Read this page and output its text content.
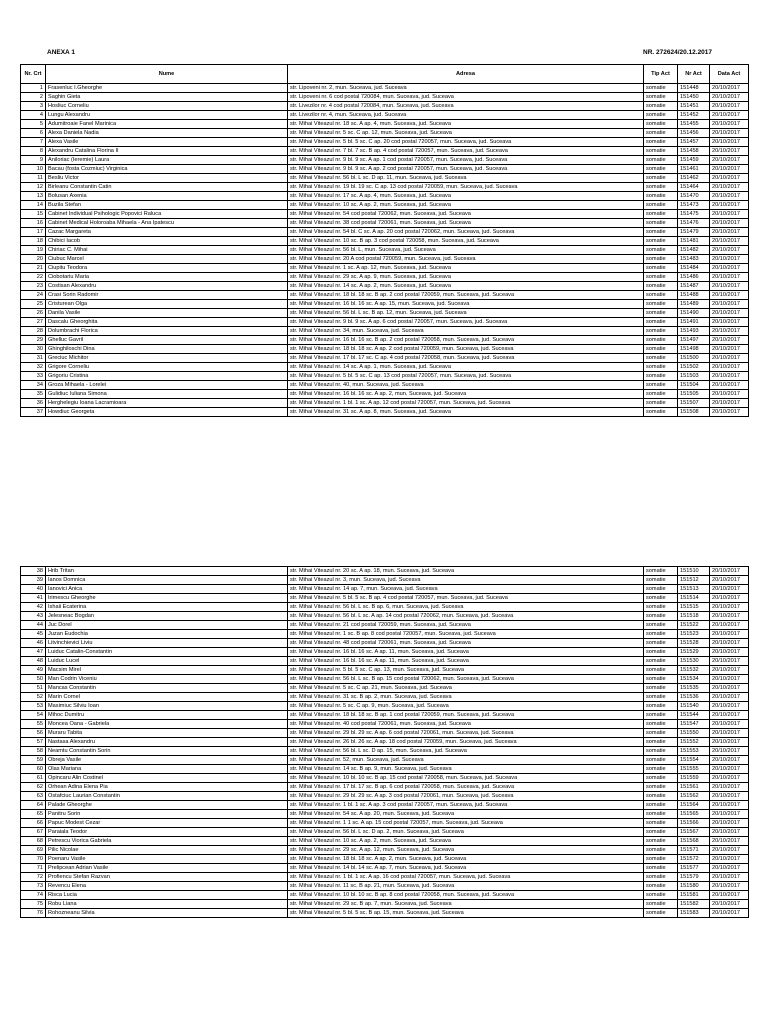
ANEXA 1	NR. 272624/20.12.2017
Nr. Crt	Nume	Adresa	Tip Act	Nr Act	Data Act
1	Frasenluc I.Gheorghe	str. Lipoveni nr. 2, mun. Suceava, jud. Suceava	somatie	151448	20/10/2017
2	Saghin Gieta	str. Lipoveni nr. 6 cod postal 720084, mun. Suceava, jud. Suceava	somatie	151450	20/10/2017
3	Hosliuc Corneliu	str. Livezilor nr. 4 cod postal 720084, mun. Suceava, jud. Suceava	somatie	151451	20/10/2017
4	Lungu Alexandru	str. Livezilor nr. 4, mun. Suceava, jud. Suceava	somatie	151452	20/10/2017
5	Adumitroaie Fanel Marinica	str. Mihai Viteazul nr. 18 sc. A ap. 4, mun. Suceava, jud. Suceava	somatie	151455	20/10/2017
6	Alexa Daniela Nadia	str. Mihai Viteazul nr. 5 sc. C ap. 12, mun. Suceava, jud. Suceava	somatie	151456	20/10/2017
7	Alexa Vasile	str. Mihai Viteazul nr. 5 bl. 5 sc. C ap. 20 cod postal 720057, mun. Suceava, jud. Suceava	somatie	151457	20/10/2017
8	Alexandru Catalina Florina II	str. Mihai Viteazul nr. 7 bl. 7 sc. B ap. 4 cod postal 720057, mun. Suceava, jud. Suceava	somatie	151458	20/10/2017
9	Aniloriac (Ieremie) Laura	str. Mihai Viteazul nr. 9 bl. 9 sc. A ap. 1 cod postal 720057, mun. Suceava, jud. Suceava	somatie	151459	20/10/2017
10	Bacau (fosta Cozmiuc) Virginica	str. Mihai Viteazul nr. 9 bl. 9 sc. A ap. 2 cod postal 720057, mun. Suceava, jud. Suceava	somatie	151461	20/10/2017
11	Besliu Victor	str. Mihai Viteazul nr. 56 bl. L sc. D ap. 11, mun. Suceava, jud. Suceava	somatie	151462	20/10/2017
12	Birleanu Constantin Catin	str. Mihai Viteazul nr. 19 bl. 19 sc. C ap. 13 cod postal 720059, mun. Suceava, jud. Suceava	somatie	151464	20/10/2017
13	Bolusan Axenia	str. Mihai Viteazul nr. 17 sc. A ap. 4, mun. Suceava, jud. Suceava	somatie	151470	20/10/2017
14	Buzila Stefan	str. Mihai Viteazul nr. 10 sc. A ap. 2, mun. Suceava, jud. Suceava	somatie	151473	20/10/2017
15	Cabinet Individual Psihologic Popovici Raluca	str. Mihai Viteazul nr. 54 cod postal 720062, mun. Suceava, jud. Suceava	somatie	151475	20/10/2017
16	Cabinet Medical Holoroaba Mihaela - Ana Ipatescu	str. Mihai Viteazul nr. 38 cod postal 720061, mun. Suceava, jud. Suceava	somatie	151476	20/10/2017
17	Cazac Margareta	str. Mihai Viteazul nr. 54 bl. C sc. A ap. 20 cod postal 720062, mun. Suceava, jud. Suceava	somatie	151479	20/10/2017
18	Chibici Iacob	str. Mihai Viteazul nr. 10 sc. B ap. 3 cod postal 720058, mun. Suceava, jud. Suceava	somatie	151481	20/10/2017
19	Chiriac C. Mihai	str. Mihai Viteazul nr. 56 bl. L, mun. Suceava, jud. Suceava	somatie	151482	20/10/2017
20	Ciubuc Marcel	str. Mihai Viteazul nr. 20 A cod postal 720059, mun. Suceava, jud. Suceava	somatie	151483	20/10/2017
21	Ciupitu Teodora	str. Mihai Viteazul nr. 1 sc. A ap. 12, mun. Suceava, jud. Suceava	somatie	151484	20/10/2017
22	Ciobotariu Maria	str. Mihai Viteazul nr. 29 sc. A ap. 9, mun. Suceava, jud. Suceava	somatie	151486	20/10/2017
23	Costisan Alexandru	str. Mihai Viteazul nr. 14 sc. A ap. 2, mun. Suceava, jud. Suceava	somatie	151487	20/10/2017
24	Crasi Sorin Radomir	str. Mihai Viteazul nr. 18 bl. 18 sc. B ap. 2 cod postal 720059, mun. Suceava, jud. Suceava	somatie	151488	20/10/2017
25	Cristurean Olga	str. Mihai Viteazul nr. 16 bl. 16 sc. A ap. 15, mun. Suceava, jud. Suceava	somatie	151489	20/10/2017
26	Danila Vasile	str. Mihai Viteazul nr. 56 bl. L sc. B ap. 12, mun. Suceava, jud. Suceava	somatie	151490	20/10/2017
27	Dascalu Gheorghita	str. Mihai Viteazul nr. 9 bl. 9 sc. A ap. 6 cod postal 720057, mun. Suceava, jud. Suceava	somatie	151491	20/10/2017
28	Dolumbrachi Florica	str. Mihai Viteazul nr. 34, mun. Suceava, jud. Suceava	somatie	151493	20/10/2017
29	Ghelluc Gavril	str. Mihai Viteazul nr. 16 bl. 16 sc. B ap. 2 cod postal 720058, mun. Suceava, jud. Suceava	somatie	151497	20/10/2017
30	Ghinghiloschi Dina	str. Mihai Viteazul nr. 18 bl. 18 sc. A ap. 2 cod postal 720059, mun. Suceava, jud. Suceava	somatie	151498	20/10/2017
31	Greciuc Michitor	str. Mihai Viteazul nr. 17 bl. 17 sc. C ap. 4 cod postal 720058, mun. Suceava, jud. Suceava	somatie	151500	20/10/2017
32	Grigore Corneliu	str. Mihai Viteazul nr. 14 sc. A ap. 1, mun. Suceava, jud. Suceava	somatie	151502	20/10/2017
33	Grigoriu Cristina	str. Mihai Viteazul nr. 5 bl. 5 sc. C ap. 13 cod postal 720057, mun. Suceava, jud. Suceava	somatie	151503	20/10/2017
34	Groza Mihaela - Lorelei	str. Mihai Viteazul nr. 40, mun. Suceava, jud. Suceava	somatie	151504	20/10/2017
35	Gulidiuc Iuliana Simona	str. Mihai Viteazul nr. 16 bl. 16 sc. A ap. 2, mun. Suceava, jud. Suceava	somatie	151505	20/10/2017
36	Herghelegiu Ioana Lacramioara	str. Mihai Viteazul nr. 1 bl. 1 sc. A ap. 12 cod postal 720057, mun. Suceava, jud. Suceava	somatie	151507	20/10/2017
37	Howdiuc Georgeta	str. Mihai Viteazul nr. 31 sc. A ap. 8, mun. Suceava, jud. Suceava	somatie	151508	20/10/2017
38	Hrib Tritan	str. Mihai Viteazul nr. 20 sc. A ap. 18, mun. Suceava, jud. Suceava	somatie	151510	20/10/2017
39	Ianos Domnica	str. Mihai Viteazul nr. 3, mun. Suceava, jud. Suceava	somatie	151512	20/10/2017
40	Ianovici Anica	str. Mihai Viteazul nr. 14 ap. 7, mun. Suceava, jud. Suceava	somatie	151513	20/10/2017
41	Irimescu Gheorghe	str. Mihai Viteazul nr. 5 bl. 5 sc. B ap. 4 cod postal 720057, mun. Suceava, jud. Suceava	somatie	151514	20/10/2017
42	Ishaii Ecaterina	str. Mihai Viteazul nr. 56 bl. L sc. B ap. 6, mun. Suceava, jud. Suceava	somatie	151515	20/10/2017
43	Jelesneac Bogdan	str. Mihai Viteazul nr. 56 bl. L sc. A ap. 14 cod postal 720062, mun. Suceava, jud. Suceava	somatie	151518	20/10/2017
44	Juc Dorel	str. Mihai Viteazul nr. 21 cod postal 720059, mun. Suceava, jud. Suceava	somatie	151522	20/10/2017
45	Juzan Eudochia	str. Mihai Viteazul nr. 1 sc. B ap. 8 cod postal 720057, mun. Suceava, jud. Suceava	somatie	151523	20/10/2017
46	Litvinchievici Liviu	str. Mihai Viteazul nr. 48 cod postal 720061, mun. Suceava, jud. Suceava	somatie	151528	20/10/2017
47	Luiduc Catalin-Constantin	str. Mihai Viteazul nr. 16 bl. 16 sc. A ap. 11, mun. Suceava, jud. Suceava	somatie	151529	20/10/2017
48	Luiduc Lucel	str. Mihai Viteazul nr. 16 bl. 16 sc. A ap. 11, mun. Suceava, jud. Suceava	somatie	151530	20/10/2017
49	Macsim Mirel	str. Mihai Viteazul nr. 5 bl. 5 sc. C ap. 13, mun. Suceava, jud. Suceava	somatie	151532	20/10/2017
50	Man Codrin Viceniu	str. Mihai Viteazul nr. 56 bl. L sc. B ap. 15 cod postal 720062, mun. Suceava, jud. Suceava	somatie	151534	20/10/2017
51	Mancas Constantin	str. Mihai Viteazul nr. 5 sc. C ap. 21, mun. Suceava, jud. Suceava	somatie	151535	20/10/2017
52	Marin Cornel	str. Mihai Viteazul nr. 31 sc. B ap. 2, mun. Suceava, jud. Suceava	somatie	151536	20/10/2017
53	Masimiuc Silviu Ioan	str. Mihai Viteazul nr. 5 sc. C ap. 9, mun. Suceava, jud. Suceava	somatie	151540	20/10/2017
54	Mihoc Dumitru	str. Mihai Viteazul nr. 18 bl. 18 sc. B ap. 1 cod postal 720059, mun. Suceava, jud. Suceava	somatie	151544	20/10/2017
55	Moncea Oana - Gabriela	str. Mihai Viteazul nr. 40 cod postal 720061, mun. Suceava, jud. Suceava	somatie	151547	20/10/2017
56	Muraru Tabita	str. Mihai Viteazul nr. 29 bl. 29 sc. A ap. 6 cod postal 720061, mun. Suceava, jud. Suceava	somatie	151550	20/10/2017
57	Nastasa Alexandru	str. Mihai Viteazul nr. 26 bl. 26 sc. A ap. 18 cod postal 720059, mun. Suceava, jud. Suceava	somatie	151552	20/10/2017
58	Neamtu Constantin Sorin	str. Mihai Viteazul nr. 56 bl. L sc. D ap. 15, mun. Suceava, jud. Suceava	somatie	151553	20/10/2017
59	Obreja Vasile	str. Mihai Viteazul nr. 52, mun. Suceava, jud. Suceava	somatie	151554	20/10/2017
60	Olas Mariana	str. Mihai Viteazul nr. 14 sc. B ap. 9, mun. Suceava, jud. Suceava	somatie	151555	20/10/2017
61	Opincaru Alin Costinel	str. Mihai Viteazul nr. 10 bl. 10 sc. B ap. 15 cod postal 720058, mun. Suceava, jud. Suceava	somatie	151559	20/10/2017
62	Orhean Adina Elena Pia	str. Mihai Viteazul nr. 17 bl. 17 sc. B ap. 6 cod postal 720058, mun. Suceava, jud. Suceava	somatie	151561	20/10/2017
63	Ostafciuc Laurian Constantin	str. Mihai Viteazul nr. 29 bl. 29 sc. A ap. 3 cod postal 720061, mun. Suceava, jud. Suceava	somatie	151562	20/10/2017
64	Palade Gheorghe	str. Mihai Viteazul nr. 1 bl. 1 sc. A ap. 3 cod postal 720057, mun. Suceava, jud. Suceava	somatie	151564	20/10/2017
65	Panitru Sorin	str. Mihai Viteazul nr. 54 sc. A ap. 20, mun. Suceava, jud. Suceava	somatie	151565	20/10/2017
66	Papuc Modest Cezar	str. Mihai Viteazul nr. 1 1 sc. A ap. 15 cod postal 720057, mun. Suceava, jud. Suceava	somatie	151566	20/10/2017
67	Paraiala Teodor	str. Mihai Viteazul nr. 56 bl. L sc. D ap. 2, mun. Suceava, jud. Suceava	somatie	151567	20/10/2017
68	Petrescu Viorica Gabriela	str. Mihai Viteazul nr. 10 sc. A ap. 2, mun. Suceava, jud. Suceava	somatie	151568	20/10/2017
69	Pilic Nicolae	str. Mihai Viteazul nr. 29 sc. A ap. 12, mun. Suceava, jud. Suceava	somatie	151571	20/10/2017
70	Poenaru Vasile	str. Mihai Viteazul nr. 18 bl. 18 sc. A ap. 2, mun. Suceava, jud. Suceava	somatie	151572	20/10/2017
71	Prelipcean Adrian Vasile	str. Mihai Viteazul nr. 14 bl. 14 sc. A ap. 7, mun. Suceava, jud. Suceava	somatie	151577	20/10/2017
72	Profiencu Stefan Razvan	str. Mihai Viteazul nr. 1 bl. 1 sc. A ap. 16 cod postal 720057, mun. Suceava, jud. Suceava	somatie	151579	20/10/2017
73	Revencu Elena	str. Mihai Viteazul nr. 11 sc. B ap. 21, mun. Suceava, jud. Suceava	somatie	151580	20/10/2017
74	Risca Lucia	str. Mihai Viteazul nr. 10 bl. 10 sc. B ap. 8 cod postal 720058, mun. Suceava, jud. Suceava	somatie	151581	20/10/2017
75	Robu Liana	str. Mihai Viteazul nr. 29 sc. B ap. 7, mun. Suceava, jud. Suceava	somatie	151582	20/10/2017
76	Rohozneanu Silvia	str. Mihai Viteazul nr. 5 bl. 5 sc. B ap. 15, mun. Suceava, jud. Suceava	somatie	151583	20/10/2017
